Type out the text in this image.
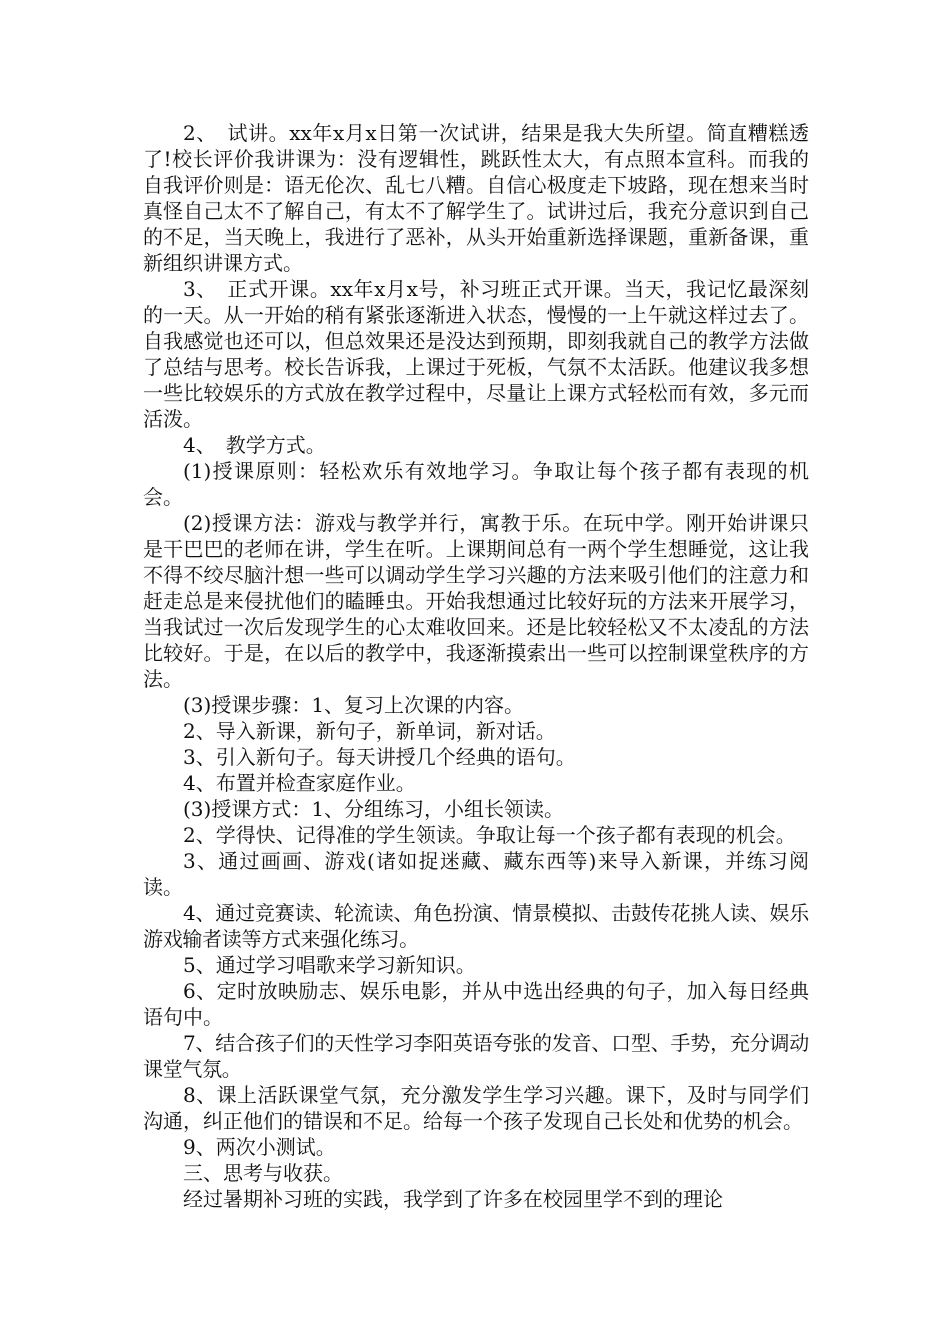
2、　试讲。xx年x月x日第一次试讲，结果是我大失所望。简直糟糕透了!校长评价我讲课为：没有逻辑性，跳跃性太大，有点照本宣科。而我的自我评价则是：语无伦次、乱七八糟。自信心极度走下坡路，现在想来当时真怪自己太不了解自己，有太不了解学生了。试讲过后，我充分意识到自己的不足，当天晚上，我进行了恶补，从头开始重新选择课题，重新备课，重新组织讲课方式。

3、　正式开课。xx年x月x号，补习班正式开课。当天，我记忆最深刻的一天。从一开始的稍有紧张逐渐进入状态，慢慢的一上午就这样过去了。自我感觉也还可以，但总效果还是没达到预期，即刻我就自己的教学方法做了总结与思考。校长告诉我，上课过于死板，气氛不太活跃。他建议我多想一些比较娱乐的方式放在教学过程中，尽量让上课方式轻松而有效，多元而活泼。

4、　教学方式。

(1)授课原则：轻松欢乐有效地学习。争取让每个孩子都有表现的机会。

(2)授课方法：游戏与教学并行，寓教于乐。在玩中学。刚开始讲课只是干巴巴的老师在讲，学生在听。上课期间总有一两个学生想睡觉，这让我不得不绞尽脑汁想一些可以调动学生学习兴趣的方法来吸引他们的注意力和赶走总是来侵扰他们的瞌睡虫。开始我想通过比较好玩的方法来开展学习，当我试过一次后发现学生的心太难收回来。还是比较轻松又不太凌乱的方法比较好。于是，在以后的教学中，我逐渐摸索出一些可以控制课堂秩序的方法。

(3)授课步骤：1、复习上次课的内容。

2、导入新课，新句子，新单词，新对话。

3、引入新句子。每天讲授几个经典的语句。

4、布置并检查家庭作业。

(3)授课方式：1、分组练习，小组长领读。

2、学得快、记得准的学生领读。争取让每一个孩子都有表现的机会。

3、通过画画、游戏(诸如捉迷藏、藏东西等)来导入新课，并练习阅读。

4、通过竞赛读、轮流读、角色扮演、情景模拟、击鼓传花挑人读、娱乐游戏输者读等方式来强化练习。

5、通过学习唱歌来学习新知识。

6、定时放映励志、娱乐电影，并从中选出经典的句子，加入每日经典语句中。

7、结合孩子们的天性学习李阳英语夸张的发音、口型、手势，充分调动课堂气氛。

8、课上活跃课堂气氛，充分激发学生学习兴趣。课下，及时与同学们沟通，纠正他们的错误和不足。给每一个孩子发现自己长处和优势的机会。

9、两次小测试。

三、思考与收获。

经过暑期补习班的实践，我学到了许多在校园里学不到的理论
